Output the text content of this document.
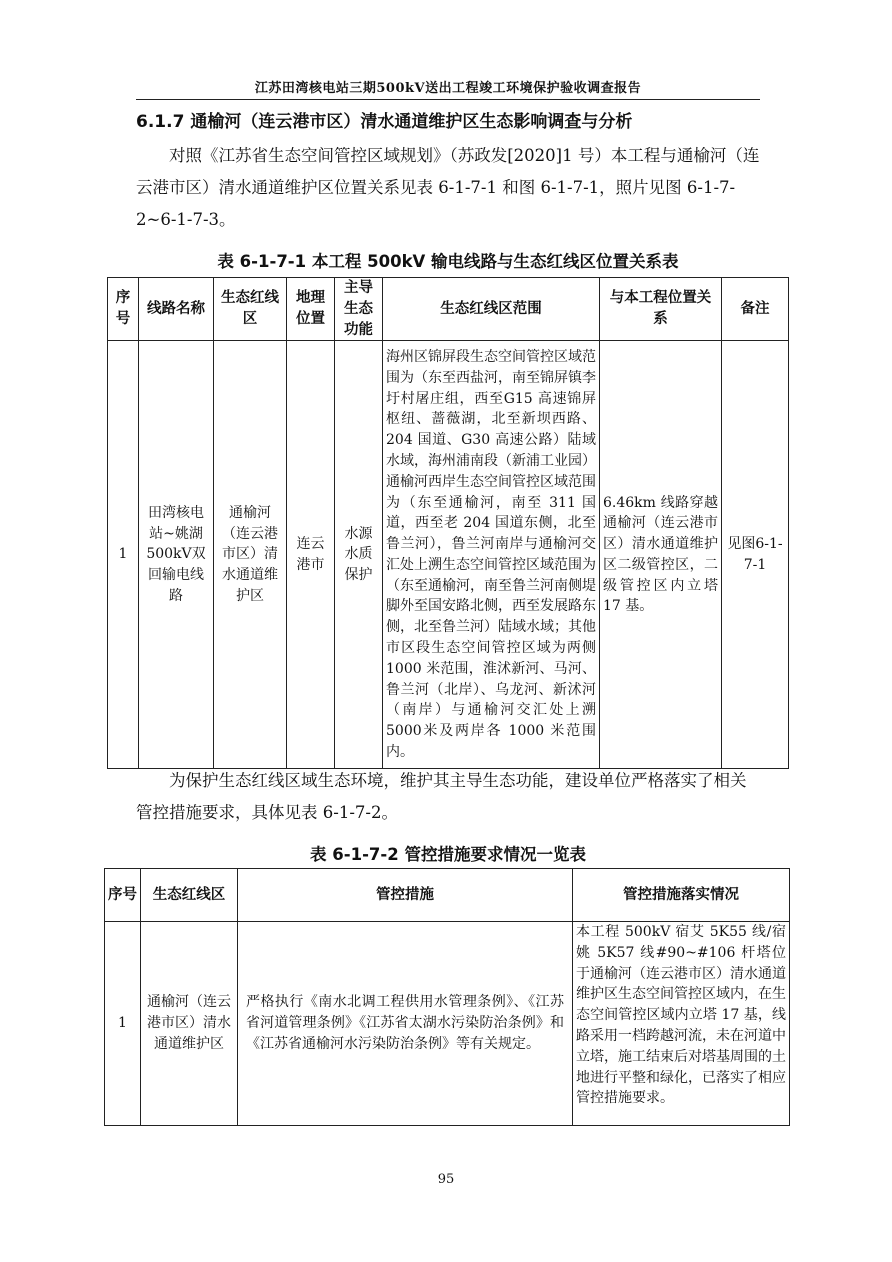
江苏田湾核电站三期500kV送出工程竣工环境保护验收调查报告
6.1.7 通榆河（连云港市区）清水通道维护区生态影响调查与分析

对照《江苏省生态空间管控区域规划》（苏政发[2020]1 号）本工程与通榆河（连云港市区）清水通道维护区位置关系见表 6-1-7-1 和图 6-1-7-1，照片见图 6-1-7-2~6-1-7-3。

表 6-1-7-1 本工程 500kV 输电线路与生态红线区位置关系表
序号	线路名称	生态红线区	地理位置	主导生态功能	生态红线区范围	与本工程位置关系	备注
1	田湾核电站~姚湖500kV双回输电线路	通榆河（连云港市区）清水通道维护区	连云港市	水源水质保护	海州区锦屏段生态空间管控区域范围为（东至西盐河，南至锦屏镇李圩村屠庄组，西至G15 高速锦屏枢纽、蔷薇湖，北至新坝西路、204 国道、G30 高速公路）陆域水域，海州浦南段（新浦工业园）通榆河西岸生态空间管控区域范围为（东至通榆河，南至 311 国道，西至老 204 国道东侧，北至鲁兰河），鲁兰河南岸与通榆河交汇处上溯生态空间管控区域范围为（东至通榆河，南至鲁兰河南侧堤脚外至国安路北侧，西至发展路东侧，北至鲁兰河）陆域水域；其他市区段生态空间管控区域为两侧 1000 米范围，淮沭新河、马河、鲁兰河（北岸）、乌龙河、新沭河（南岸）与通榆河交汇处上溯 5000米及两岸各 1000 米范围内。	6.46km 线路穿越通榆河（连云港市区）清水通道维护区二级管控区，二级管控区内立塔 17 基。	见图6-1-7-1

为保护生态红线区域生态环境，维护其主导生态功能，建设单位严格落实了相关管控措施要求，具体见表 6-1-7-2。

表 6-1-7-2 管控措施要求情况一览表
序号	生态红线区	管控措施	管控措施落实情况
1	通榆河（连云港市区）清水通道维护区	严格执行《南水北调工程供用水管理条例》、《江苏省河道管理条例》《江苏省太湖水污染防治条例》和《江苏省通榆河水污染防治条例》等有关规定。	本工程 500kV 宿艾 5K55 线/宿姚 5K57 线#90~#106 杆塔位于通榆河（连云港市区）清水通道维护区生态空间管控区域内，在生态空间管控区域内立塔 17 基，线路采用一档跨越河流，未在河道中立塔，施工结束后对塔基周围的土地进行平整和绿化，已落实了相应管控措施要求。
95
